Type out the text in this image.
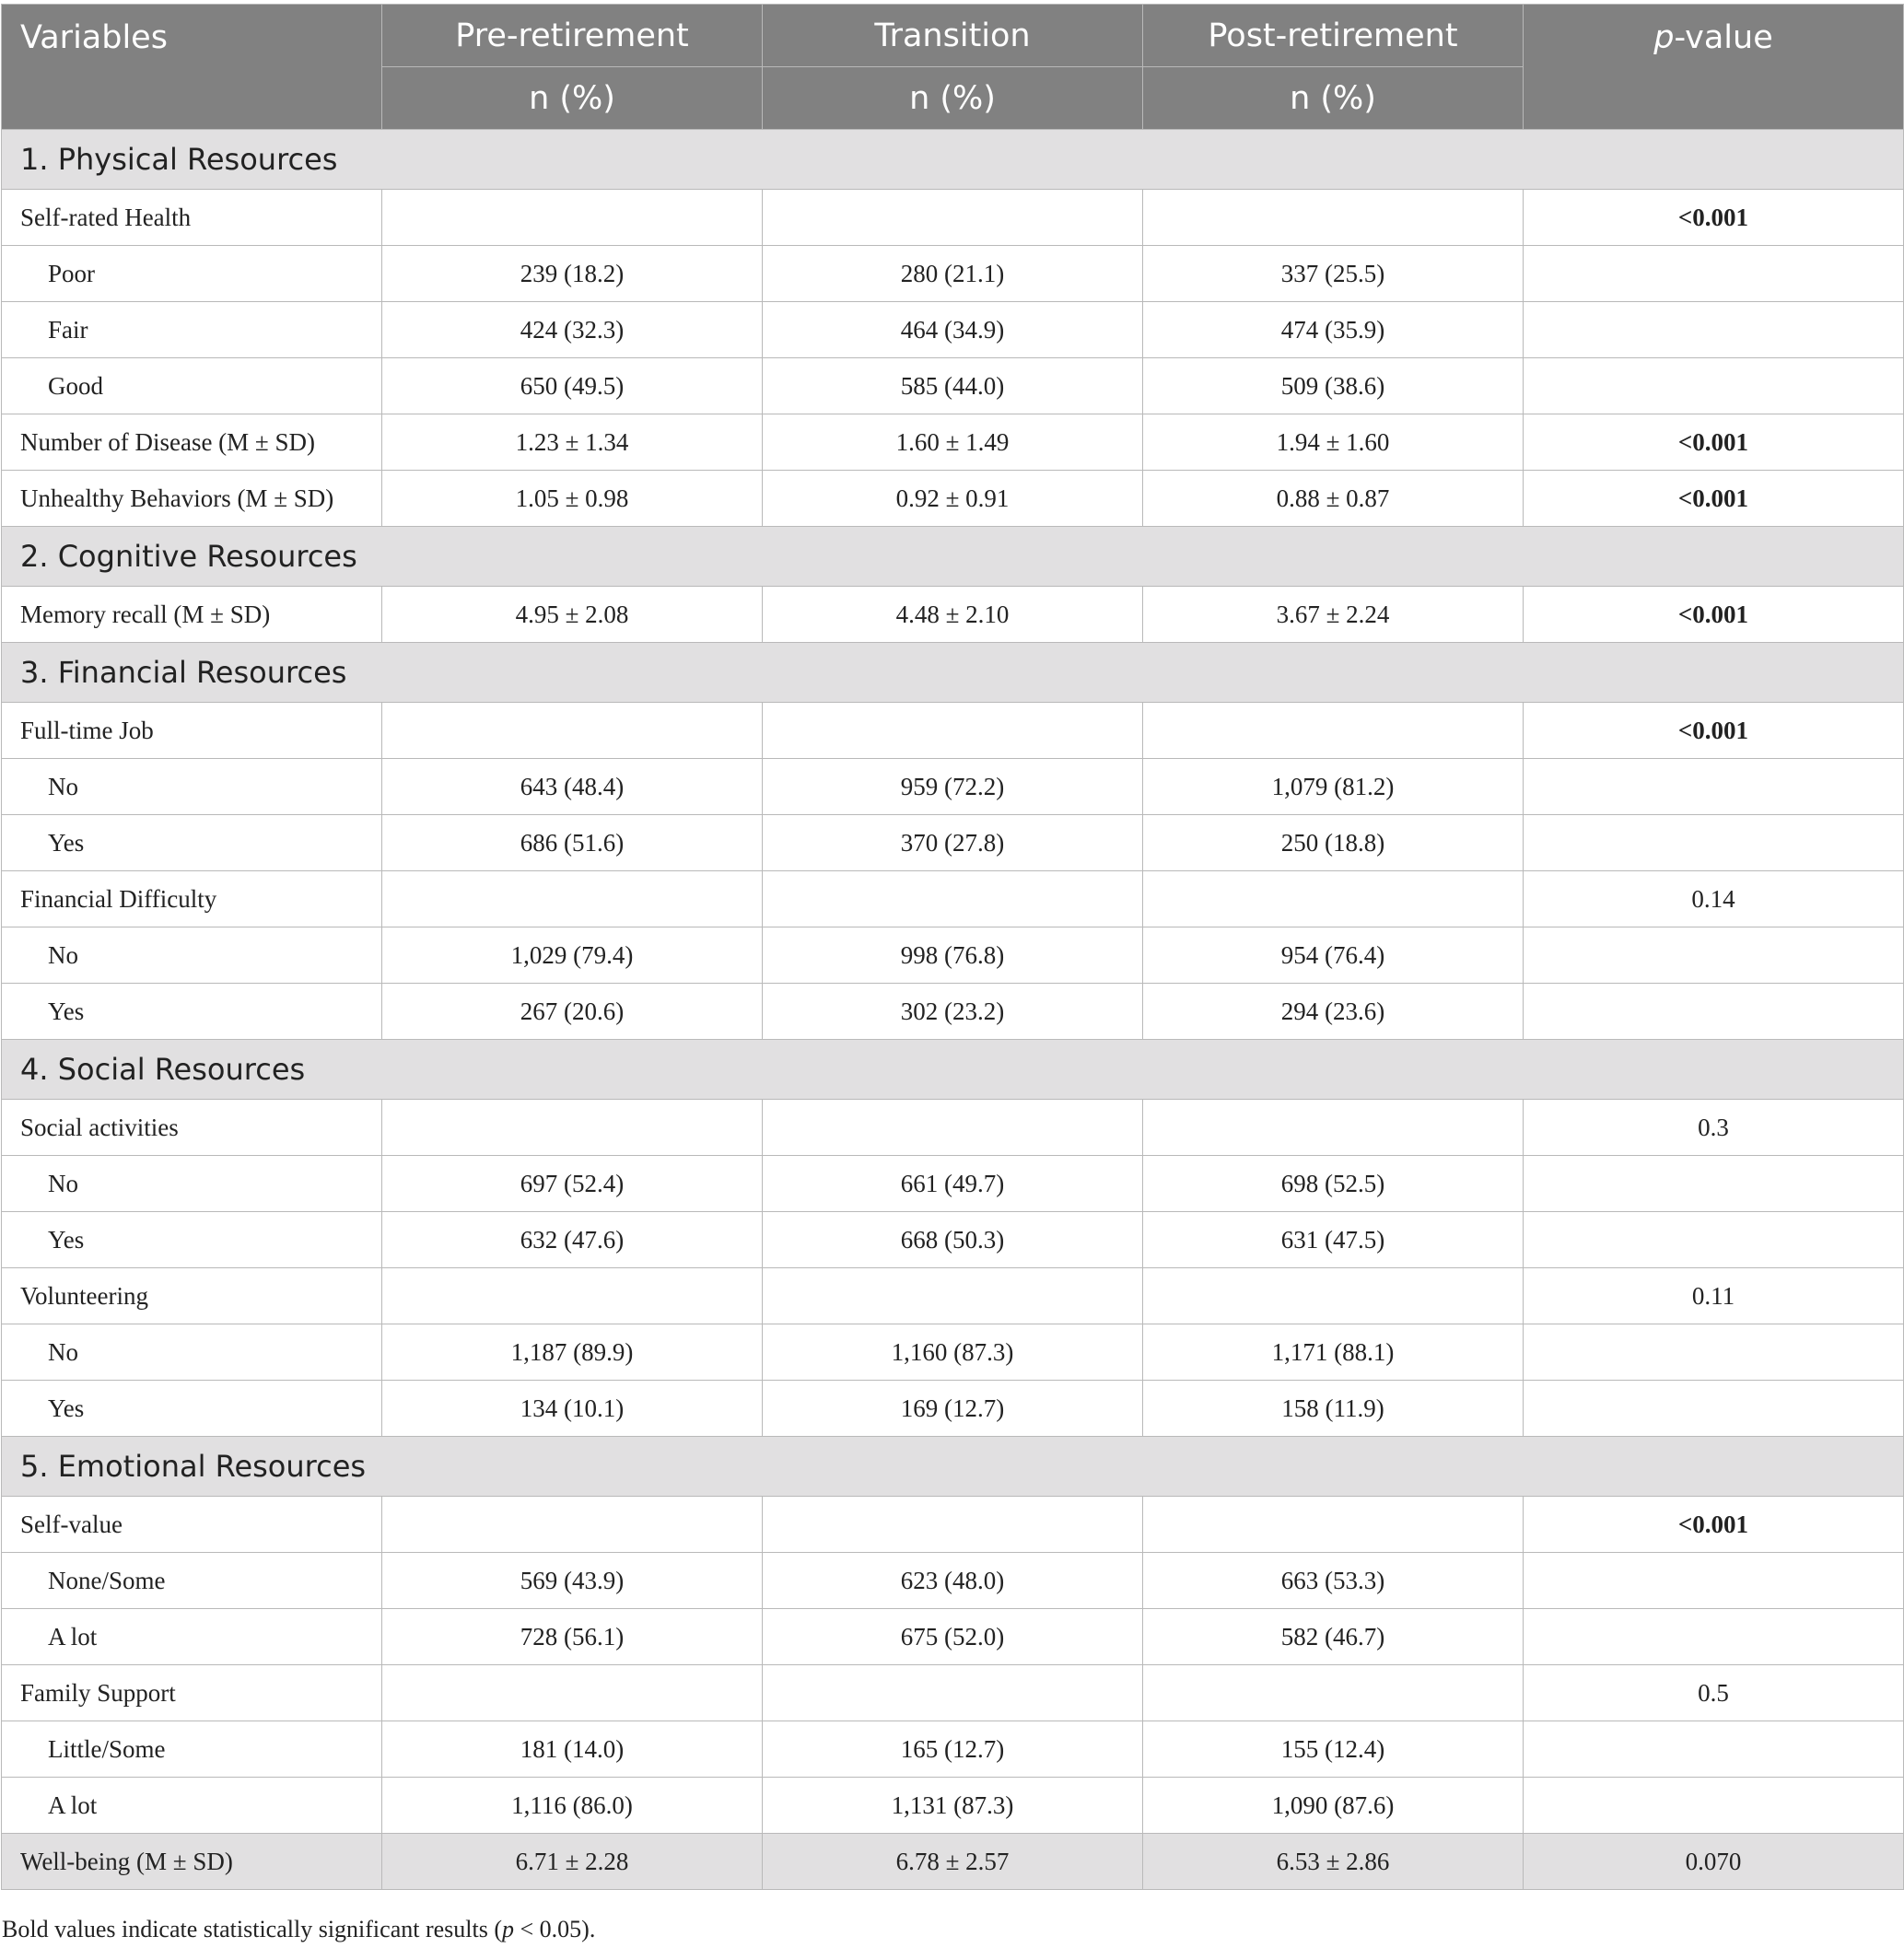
Variables	Pre-retirement	Transition	Post-retirement	p-value
	n (%)	n (%)	n (%)	
1. Physical Resources				
Self-rated Health				<0.001
Poor	239 (18.2)	280 (21.1)	337 (25.5)	
Fair	424 (32.3)	464 (34.9)	474 (35.9)	
Good	650 (49.5)	585 (44.0)	509 (38.6)	
Number of Disease (M ± SD)	1.23 ± 1.34	1.60 ± 1.49	1.94 ± 1.60	<0.001
Unhealthy Behaviors (M ± SD)	1.05 ± 0.98	0.92 ± 0.91	0.88 ± 0.87	<0.001
2. Cognitive Resources				
Memory recall (M ± SD)	4.95 ± 2.08	4.48 ± 2.10	3.67 ± 2.24	<0.001
3. Financial Resources				
Full-time Job				<0.001
No	643 (48.4)	959 (72.2)	1,079 (81.2)	
Yes	686 (51.6)	370 (27.8)	250 (18.8)	
Financial Difficulty				0.14
No	1,029 (79.4)	998 (76.8)	954 (76.4)	
Yes	267 (20.6)	302 (23.2)	294 (23.6)	
4. Social Resources				
Social activities				0.3
No	697 (52.4)	661 (49.7)	698 (52.5)	
Yes	632 (47.6)	668 (50.3)	631 (47.5)	
Volunteering				0.11
No	1,187 (89.9)	1,160 (87.3)	1,171 (88.1)	
Yes	134 (10.1)	169 (12.7)	158 (11.9)	
5. Emotional Resources				
Self-value				<0.001
None/Some	569 (43.9)	623 (48.0)	663 (53.3)	
A lot	728 (56.1)	675 (52.0)	582 (46.7)	
Family Support				0.5
Little/Some	181 (14.0)	165 (12.7)	155 (12.4)	
A lot	1,116 (86.0)	1,131 (87.3)	1,090 (87.6)	
Well-being (M ± SD)	6.71 ± 2.28	6.78 ± 2.57	6.53 ± 2.86	0.070
Bold values indicate statistically significant results (p < 0.05).
